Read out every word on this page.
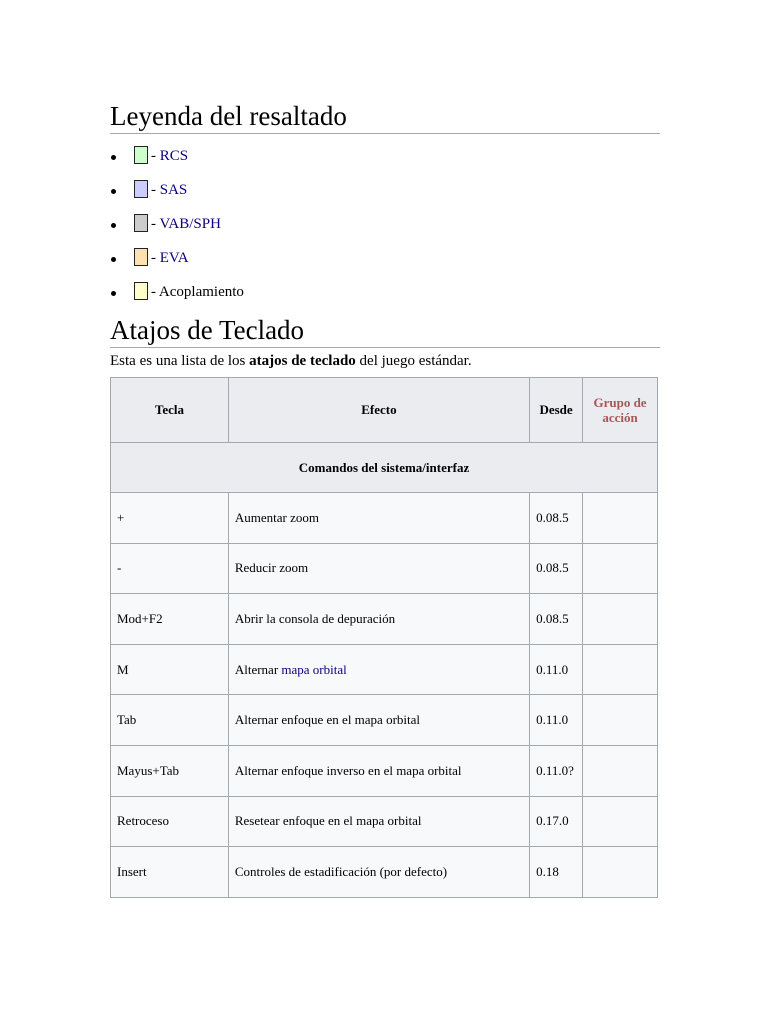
Leyenda del resaltado
- RCS
- SAS
- VAB/SPH
- EVA
- Acoplamiento
Atajos de Teclado

Esta es una lista de los atajos de teclado del juego estándar.

Tecla	Efecto	Desde	Grupo de acción
Comandos del sistema/interfaz			
+	Aumentar zoom	0.08.5	
-	Reducir zoom	0.08.5	
Mod+F2	Abrir la consola de depuración	0.08.5	
M	Alternar mapa orbital	0.11.0	
Tab	Alternar enfoque en el mapa orbital	0.11.0	
Mayus+Tab	Alternar enfoque inverso en el mapa orbital	0.11.0?	
Retroceso	Resetear enfoque en el mapa orbital	0.17.0	
Insert	Controles de estadificación (por defecto)	0.18	
